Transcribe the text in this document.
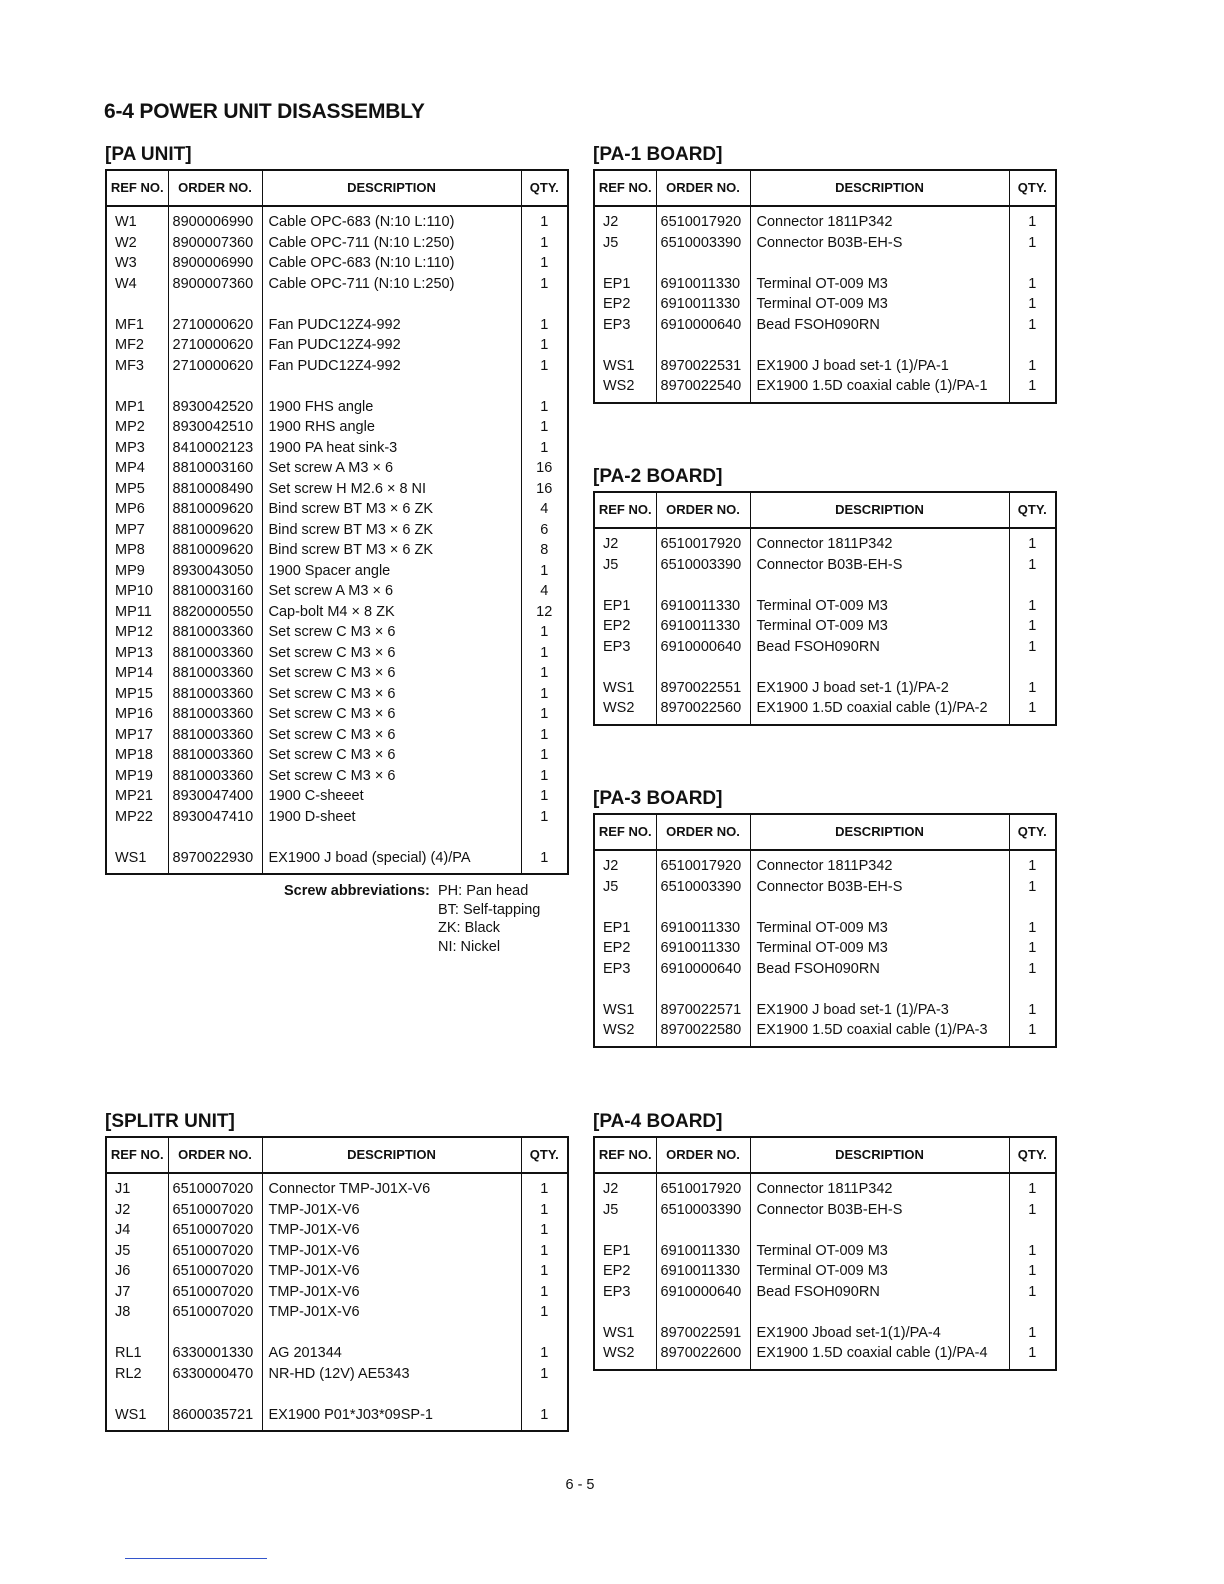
6-4 POWER UNIT DISASSEMBLY
[PA UNIT]
REF NO.	ORDER NO.	DESCRIPTION	QTY.

W1	8900006990	Cable OPC-683 (N:10 L:110)	1
W2	8900007360	Cable OPC-711 (N:10 L:250)	1
W3	8900006990	Cable OPC-683 (N:10 L:110)	1
W4	8900007360	Cable OPC-711 (N:10 L:250)	1

MF1	2710000620	Fan PUDC12Z4-992	1
MF2	2710000620	Fan PUDC12Z4-992	1
MF3	2710000620	Fan PUDC12Z4-992	1

MP1	8930042520	1900 FHS angle	1
MP2	8930042510	1900 RHS angle	1
MP3	8410002123	1900 PA heat sink-3	1
MP4	8810003160	Set screw A M3 × 6	16
MP5	8810008490	Set screw H M2.6 × 8 NI	16
MP6	8810009620	Bind screw BT M3 × 6 ZK	4
MP7	8810009620	Bind screw BT M3 × 6 ZK	6
MP8	8810009620	Bind screw BT M3 × 6 ZK	8
MP9	8930043050	1900 Spacer angle	1
MP10	8810003160	Set screw A M3 × 6	4
MP11	8820000550	Cap-bolt M4 × 8 ZK	12
MP12	8810003360	Set screw C M3 × 6	1
MP13	8810003360	Set screw C M3 × 6	1
MP14	8810003360	Set screw C M3 × 6	1
MP15	8810003360	Set screw C M3 × 6	1
MP16	8810003360	Set screw C M3 × 6	1
MP17	8810003360	Set screw C M3 × 6	1
MP18	8810003360	Set screw C M3 × 6	1
MP19	8810003360	Set screw C M3 × 6	1
MP21	8930047400	1900 C-sheeet	1
MP22	8930047410	1900 D-sheet	1

WS1	8970022930	EX1900 J boad (special) (4)/PA	1

[PA-1 BOARD]
REF NO.	ORDER NO.	DESCRIPTION	QTY.

J2	6510017920	Connector 1811P342	1
J5	6510003390	Connector B03B-EH-S	1

EP1	6910011330	Terminal OT-009 M3	1
EP2	6910011330	Terminal OT-009 M3	1
EP3	6910000640	Bead FSOH090RN	1

WS1	8970022531	EX1900 J boad set-1 (1)/PA-1	1
WS2	8970022540	EX1900 1.5D coaxial cable (1)/PA-1	1

[PA-2 BOARD]
REF NO.	ORDER NO.	DESCRIPTION	QTY.

J2	6510017920	Connector 1811P342	1
J5	6510003390	Connector B03B-EH-S	1

EP1	6910011330	Terminal OT-009 M3	1
EP2	6910011330	Terminal OT-009 M3	1
EP3	6910000640	Bead FSOH090RN	1

WS1	8970022551	EX1900 J boad set-1 (1)/PA-2	1
WS2	8970022560	EX1900 1.5D coaxial cable (1)/PA-2	1

[PA-3 BOARD]
REF NO.	ORDER NO.	DESCRIPTION	QTY.

J2	6510017920	Connector 1811P342	1
J5	6510003390	Connector B03B-EH-S	1

EP1	6910011330	Terminal OT-009 M3	1
EP2	6910011330	Terminal OT-009 M3	1
EP3	6910000640	Bead FSOH090RN	1

WS1	8970022571	EX1900 J boad set-1 (1)/PA-3	1
WS2	8970022580	EX1900 1.5D coaxial cable (1)/PA-3	1

[SPLITR UNIT]
REF NO.	ORDER NO.	DESCRIPTION	QTY.

J1	6510007020	Connector TMP-J01X-V6	1
J2	6510007020	TMP-J01X-V6	1
J4	6510007020	TMP-J01X-V6	1
J5	6510007020	TMP-J01X-V6	1
J6	6510007020	TMP-J01X-V6	1
J7	6510007020	TMP-J01X-V6	1
J8	6510007020	TMP-J01X-V6	1

RL1	6330001330	AG 201344	1
RL2	6330000470	NR-HD (12V) AE5343	1

WS1	8600035721	EX1900 P01*J03*09SP-1	1

[PA-4 BOARD]
REF NO.	ORDER NO.	DESCRIPTION	QTY.

J2	6510017920	Connector 1811P342	1
J5	6510003390	Connector B03B-EH-S	1

EP1	6910011330	Terminal OT-009 M3	1
EP2	6910011330	Terminal OT-009 M3	1
EP3	6910000640	Bead FSOH090RN	1

WS1	8970022591	EX1900 Jboad set-1(1)/PA-4	1
WS2	8970022600	EX1900 1.5D coaxial cable (1)/PA-4	1

Screw abbreviations: PH: Pan head
BT: Self-tapping
ZK: Black
NI: Nickel
6 - 5
